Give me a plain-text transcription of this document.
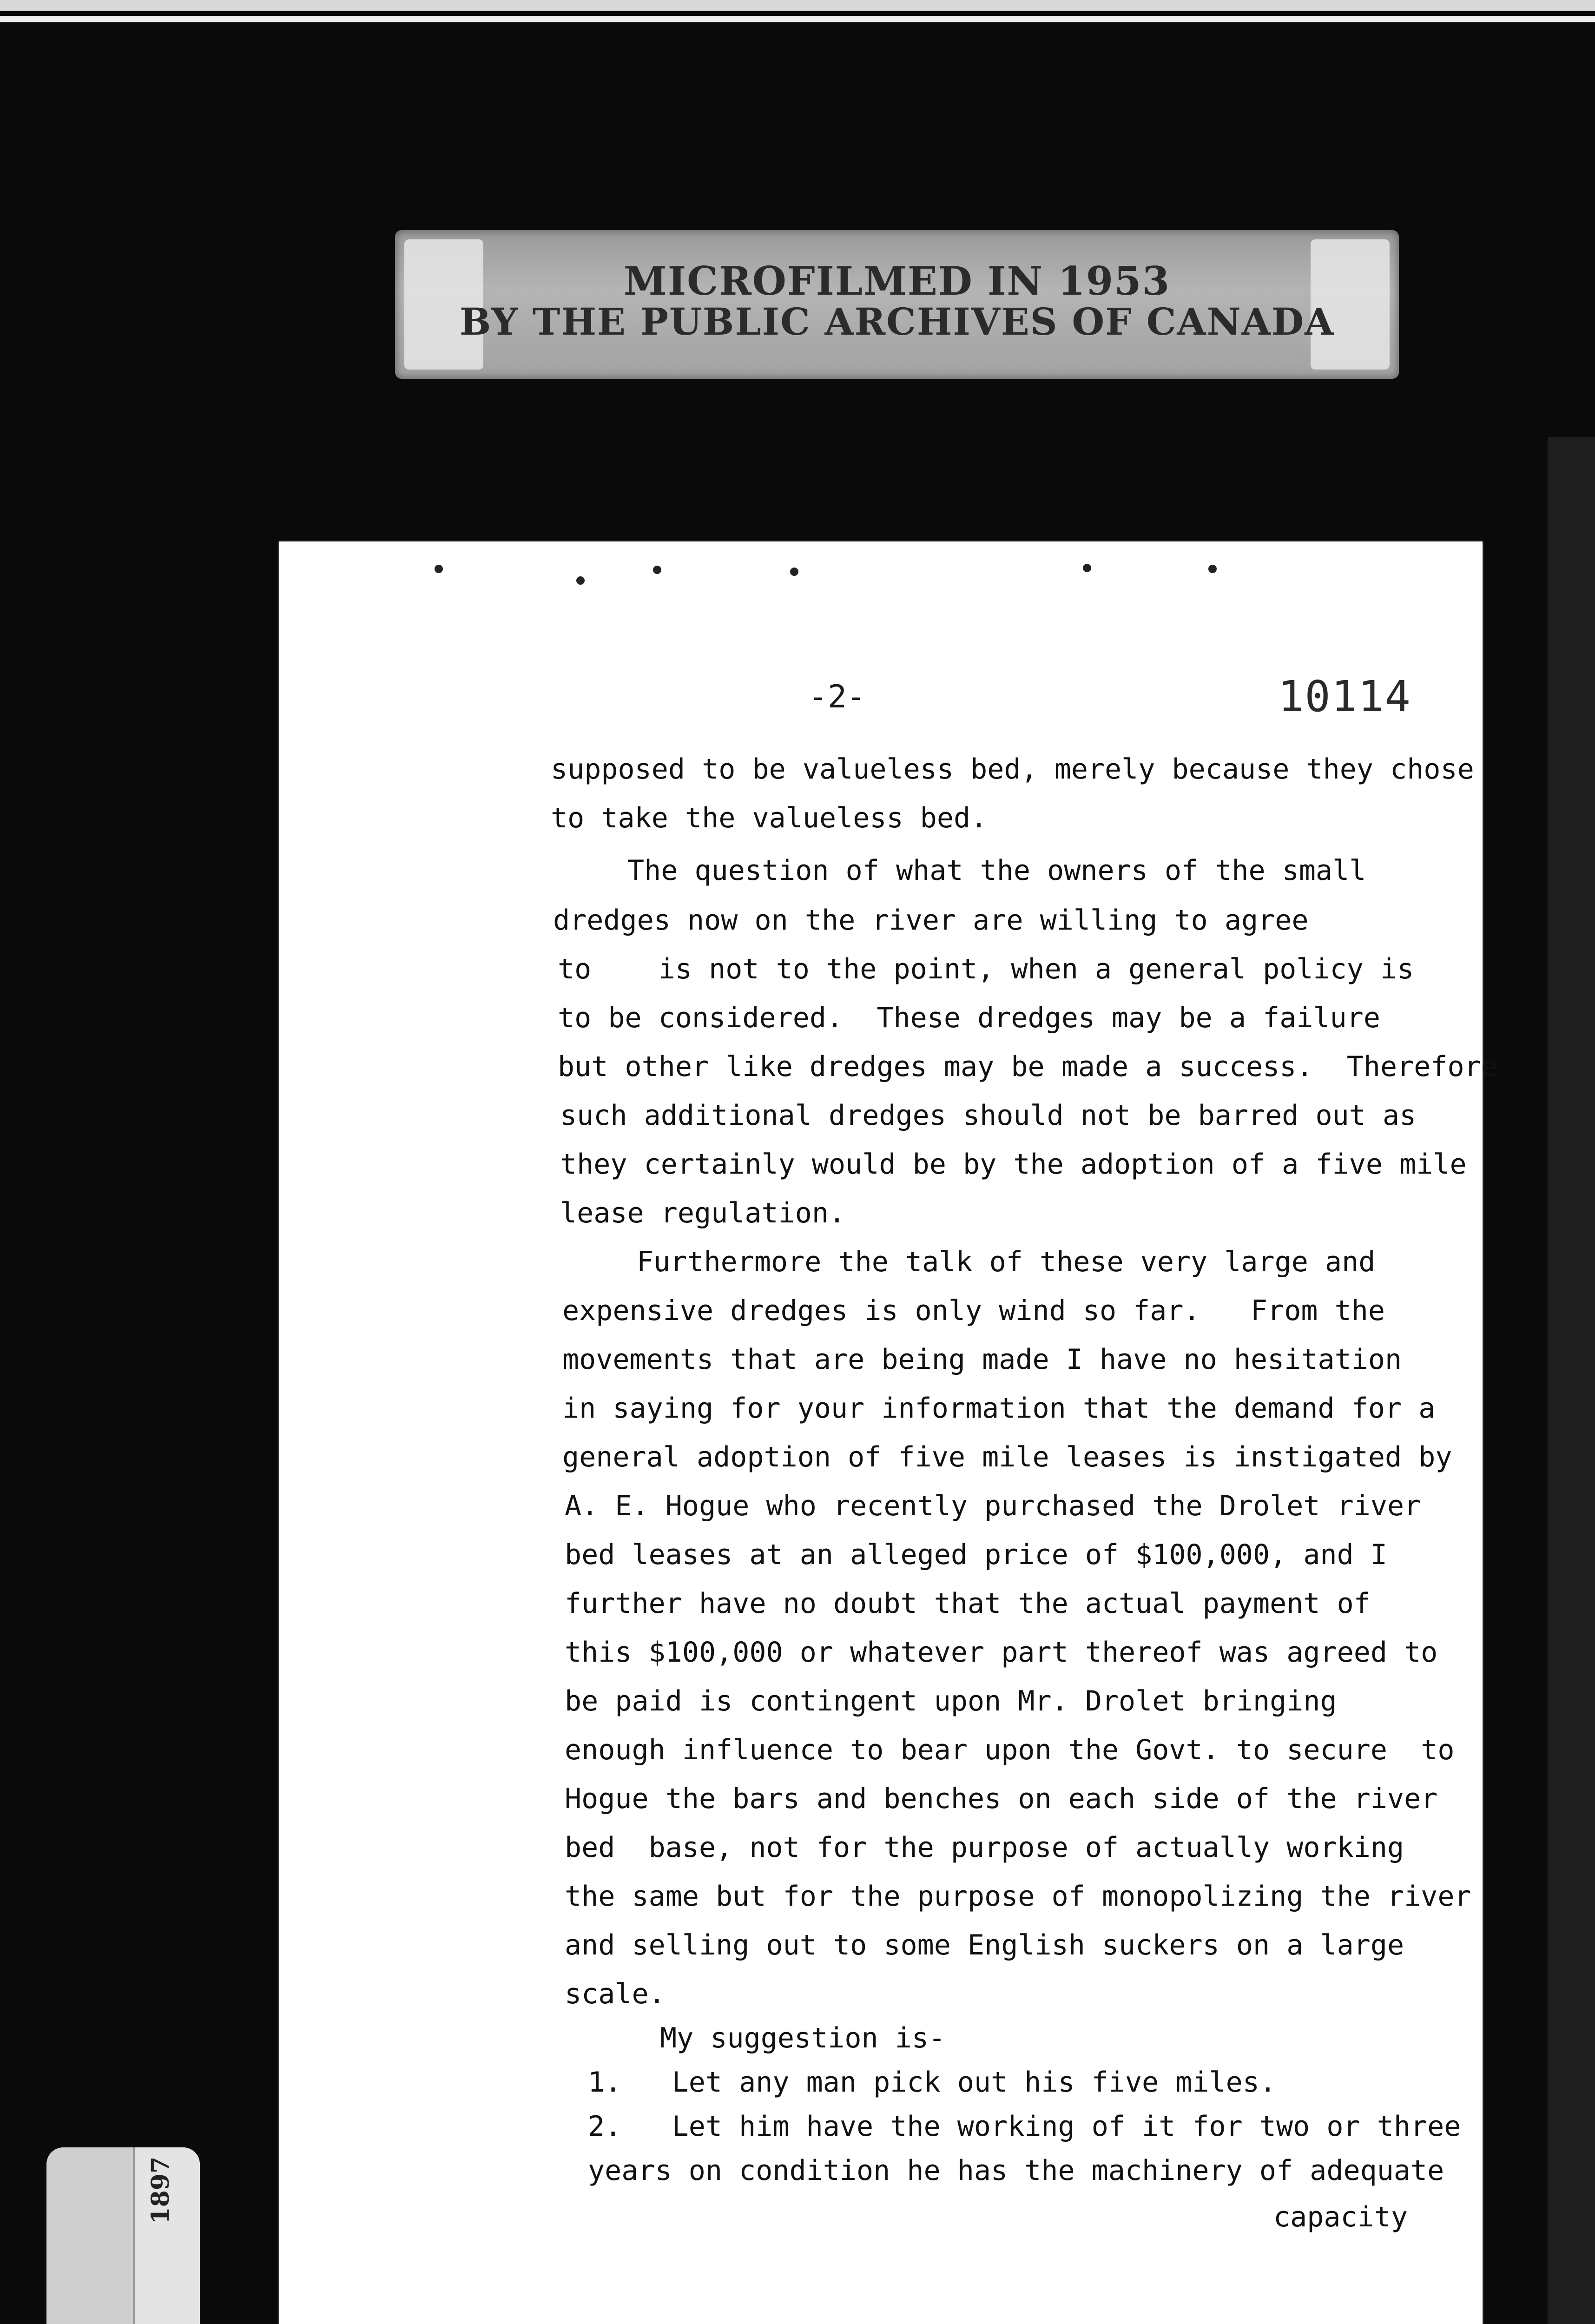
MICROFILMED IN 1953
BY THE PUBLIC ARCHIVES OF CANADA
-2-	10114
supposed to be valueless bed, merely because they chose
to take the valueless bed.
The question of what the owners of the small
dredges now on the river are willing to agree
to    is not to the point, when a general policy is
to be considered.  These dredges may be a failure
but other like dredges may be made a success.  Therefore
such additional dredges should not be barred out as
they certainly would be by the adoption of a five mile
lease regulation.
Furthermore the talk of these very large and
expensive dredges is only wind so far.   From the
movements that are being made I have no hesitation
in saying for your information that the demand for a
general adoption of five mile leases is instigated by
A. E. Hogue who recently purchased the Drolet river
bed leases at an alleged price of $100,000, and I
further have no doubt that the actual payment of
this $100,000 or whatever part thereof was agreed to
be paid is contingent upon Mr. Drolet bringing
enough influence to bear upon the Govt. to secure  to
Hogue the bars and benches on each side of the river
bed  base, not for the purpose of actually working
the same but for the purpose of monopolizing the river
and selling out to some English suckers on a large
scale.
My suggestion is-
1.   Let any man pick out his five miles.
2.   Let him have the working of it for two or three
years on condition he has the machinery of adequate
capacity
1897
